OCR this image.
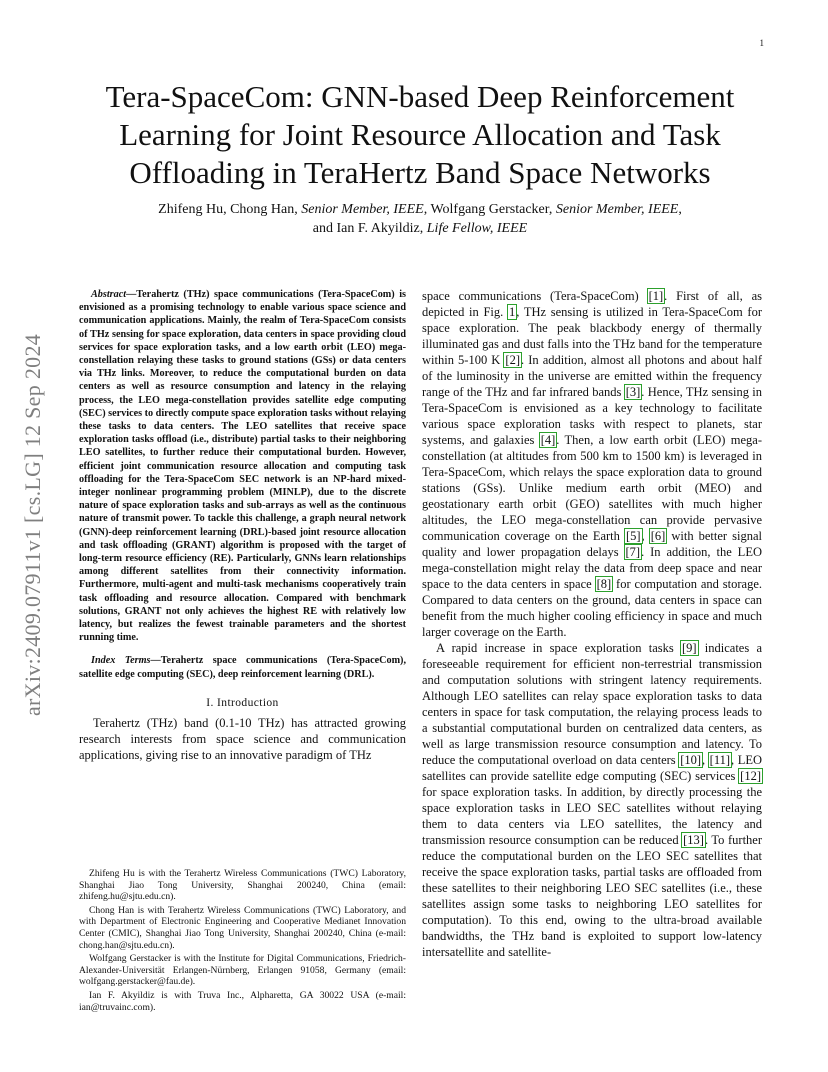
1
arXiv:2409.07911v1 [cs.LG] 12 Sep 2024
Tera-SpaceCom: GNN-based Deep Reinforcement Learning for Joint Resource Allocation and Task Offloading in TeraHertz Band Space Networks
Zhifeng Hu, Chong Han, Senior Member, IEEE, Wolfgang Gerstacker, Senior Member, IEEE,
and Ian F. Akyildiz, Life Fellow, IEEE

Abstract—Terahertz (THz) space communications (Tera-SpaceCom) is envisioned as a promising technology to enable various space science and communication applications. Mainly, the realm of Tera-SpaceCom consists of THz sensing for space exploration, data centers in space providing cloud services for space exploration tasks, and a low earth orbit (LEO) mega-constellation relaying these tasks to ground stations (GSs) or data centers via THz links. Moreover, to reduce the computational burden on data centers as well as resource consumption and latency in the relaying process, the LEO mega-constellation provides satellite edge computing (SEC) services to directly compute space exploration tasks without relaying these tasks to data centers. The LEO satellites that receive space exploration tasks offload (i.e., distribute) partial tasks to their neighboring LEO satellites, to further reduce their computational burden. However, efficient joint communication resource allocation and computing task offloading for the Tera-SpaceCom SEC network is an NP-hard mixed-integer nonlinear programming problem (MINLP), due to the discrete nature of space exploration tasks and sub-arrays as well as the continuous nature of transmit power. To tackle this challenge, a graph neural network (GNN)-deep reinforcement learning (DRL)-based joint resource allocation and task offloading (GRANT) algorithm is proposed with the target of long-term resource efficiency (RE). Particularly, GNNs learn relationships among different satellites from their connectivity information. Furthermore, multi-agent and multi-task mechanisms cooperatively train task offloading and resource allocation. Compared with benchmark solutions, GRANT not only achieves the highest RE with relatively low latency, but realizes the fewest trainable parameters and the shortest running time.

Index Terms—Terahertz space communications (Tera-SpaceCom), satellite edge computing (SEC), deep reinforcement learning (DRL).

I. Introduction

Terahertz (THz) band (0.1-10 THz) has attracted growing research interests from space science and communication applications, giving rise to an innovative paradigm of THz

Zhifeng Hu is with the Terahertz Wireless Communications (TWC) Laboratory, Shanghai Jiao Tong University, Shanghai 200240, China (email: zhifeng.hu@sjtu.edu.cn).

Chong Han is with Terahertz Wireless Communications (TWC) Laboratory, and with Department of Electronic Engineering and Cooperative Medianet Innovation Center (CMIC), Shanghai Jiao Tong University, Shanghai 200240, China (e-mail: chong.han@sjtu.edu.cn).

Wolfgang Gerstacker is with the Institute for Digital Communications, Friedrich-Alexander-Universität Erlangen-Nürnberg, Erlangen 91058, Germany (email: wolfgang.gerstacker@fau.de).

Ian F. Akyildiz is with Truva Inc., Alpharetta, GA 30022 USA (e-mail: ian@truvainc.com).

space communications (Tera-SpaceCom) [1]. First of all, as depicted in Fig. 1, THz sensing is utilized in Tera-SpaceCom for space exploration. The peak blackbody energy of thermally illuminated gas and dust falls into the THz band for the temperature within 5-100 K [2]. In addition, almost all photons and about half of the luminosity in the universe are emitted within the frequency range of the THz and far infrared bands [3]. Hence, THz sensing in Tera-SpaceCom is envisioned as a key technology to facilitate various space exploration tasks with respect to planets, star systems, and galaxies [4]. Then, a low earth orbit (LEO) mega-constellation (at altitudes from 500 km to 1500 km) is leveraged in Tera-SpaceCom, which relays the space exploration data to ground stations (GSs). Unlike medium earth orbit (MEO) and geostationary earth orbit (GEO) satellites with much higher altitudes, the LEO mega-constellation can provide pervasive communication coverage on the Earth [5], [6] with better signal quality and lower propagation delays [7]. In addition, the LEO mega-constellation might relay the data from deep space and near space to the data centers in space [8] for computation and storage. Compared to data centers on the ground, data centers in space can benefit from the much higher cooling efficiency in space and much larger coverage on the Earth.

A rapid increase in space exploration tasks [9] indicates a foreseeable requirement for efficient non-terrestrial transmission and computation solutions with stringent latency requirements. Although LEO satellites can relay space exploration tasks to data centers in space for task computation, the relaying process leads to a substantial computational burden on centralized data centers, as well as large transmission resource consumption and latency. To reduce the computational overload on data centers [10], [11], LEO satellites can provide satellite edge computing (SEC) services [12] for space exploration tasks. In addition, by directly processing the space exploration tasks in LEO SEC satellites without relaying them to data centers via LEO satellites, the latency and transmission resource consumption can be reduced [13]. To further reduce the computational burden on the LEO SEC satellites that receive the space exploration tasks, partial tasks are offloaded from these satellites to their neighboring LEO SEC satellites (i.e., these satellites assign some tasks to neighboring LEO satellites for computation). To this end, owing to the ultra-broad available bandwidths, the THz band is exploited to support low-latency intersatellite and satellite-
